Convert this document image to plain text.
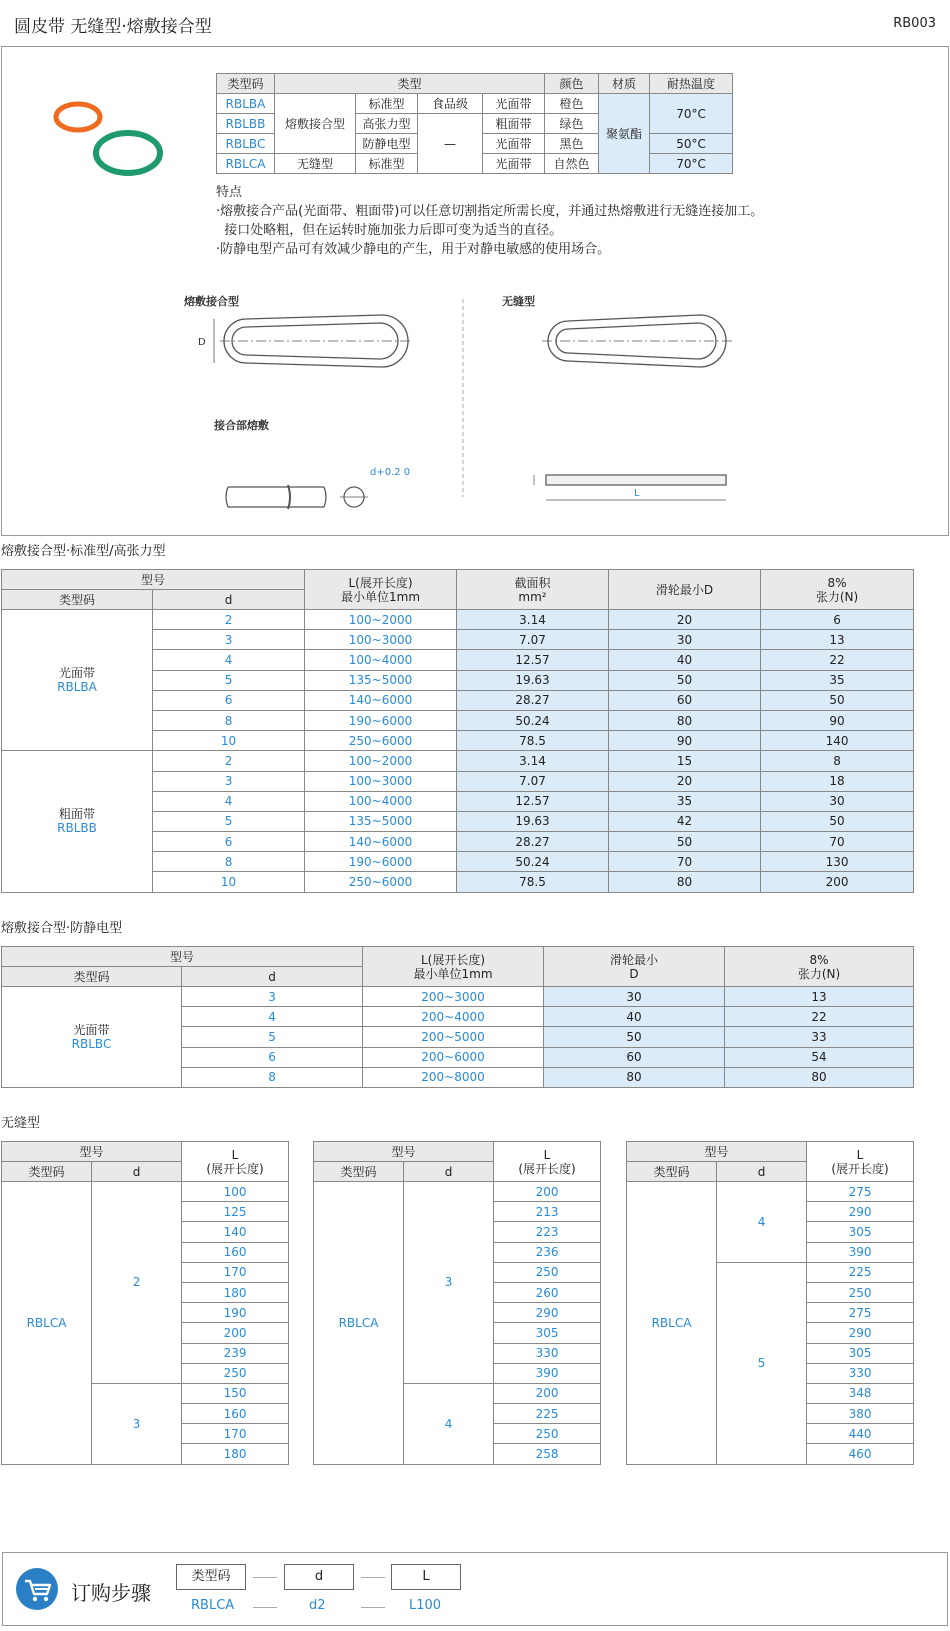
圆皮带 无缝型·熔敷接合型	RB003
类型码	类型				颜色	材质	耐热温度
RBLBA	熔敷接合型	标准型	食品级	光面带	橙色	聚氨酯	70°C
RBLBB		高张力型	—	粗面带	绿色		
RBLBC		防静电型		光面带	黑色		50°C
RBLCA	无缝型	标准型		光面带	自然色		70°C
特点
·熔敷接合产品(光面带、粗面带)可以任意切割指定所需长度，并通过热熔敷进行无缝连接加工。
接口处略粗，但在运转时施加张力后即可变为适当的直径。
·防静电型产品可有效减少静电的产生，用于对静电敏感的使用场合。
熔敷接合型	无缝型
接合部熔敷
D
d+0.2 0
L
熔敷接合型·标准型/高张力型
型号		L(展开长度)
最小单位1mm	截面积
mm²	滑轮最小D	8%
张力(N)
类型码	d				

光面带
RBLBA	2	100~2000	3.14	20	6
	3	100~3000	7.07	30	13
	4	100~4000	12.57	40	22
	5	135~5000	19.63	50	35
	6	140~6000	28.27	60	50
	8	190~6000	50.24	80	90
	10	250~6000	78.5	90	140

粗面带
RBLBB	2	100~2000	3.14	15	8
	3	100~3000	7.07	20	18
	4	100~4000	12.57	35	30
	5	135~5000	19.63	42	50
	6	140~6000	28.27	50	70
	8	190~6000	50.24	70	130
	10	250~6000	78.5	80	200
熔敷接合型·防静电型
型号		L(展开长度)
最小单位1mm	滑轮最小
D	8%
张力(N)
类型码	d			

光面带
RBLBC	3	200~3000	30	13
	4	200~4000	40	22
	5	200~5000	50	33
	6	200~6000	60	54
	8	200~8000	80	80
无缝型
型号		L
(展开长度)

类型码	d	
RBLCA	2	100
		125
		140
		160
		170
		180
		190
		200
		239
		250
	3	150
		160
		170
		180
型号		L
(展开长度)

类型码	d	
RBLCA	3	200
		213
		223
		236
		250
		260
		290
		305
		330
		390
	4	200
		225
		250
		258
型号		L
(展开长度)

类型码	d	
RBLCA	4	275
		290
		305
		390
	5	225
		250
		275
		290
		305
		330
		348
		380
		440
		460
订购步骤
类型码	d	L
RBLCA	d2	L100
